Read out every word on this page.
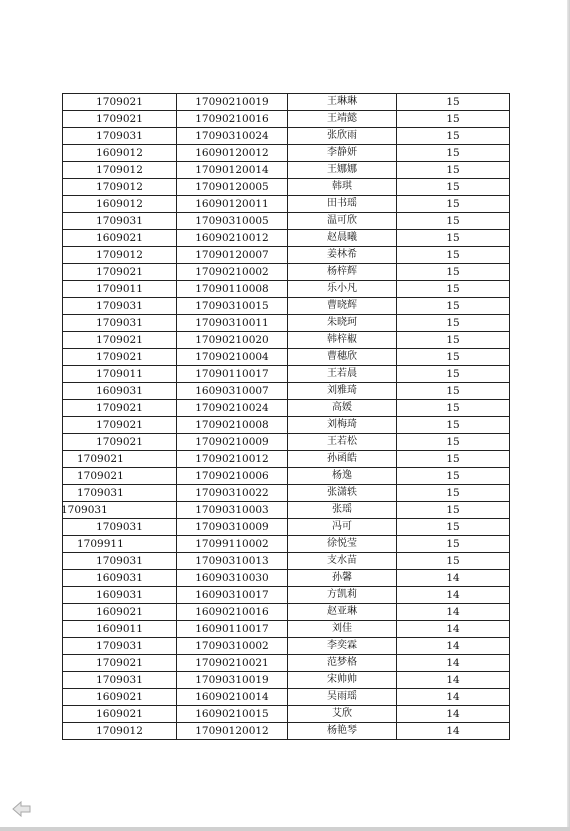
1709021	17090210019	王琳琳	15
1709021	17090210016	王靖懿	15
1709031	17090310024	张欣雨	15
1609012	16090120012	李静妍	15
1709012	17090120014	王娜娜	15
1709012	17090120005	韩琪	15
1609012	16090120011	田书瑶	15
1709031	17090310005	温可欣	15
1609021	16090210012	赵晨曦	15
1709012	17090120007	姜林希	15
1709021	17090210002	杨梓辉	15
1709011	17090110008	乐小凡	15
1709031	17090310015	曹晓辉	15
1709031	17090310011	朱晓珂	15
1709021	17090210020	韩梓椒	15
1709021	17090210004	曹穗欣	15
1709011	17090110017	王若晨	15
1609031	16090310007	刘雅琦	15
1709021	17090210024	高媛	15
1709021	17090210008	刘梅琦	15
1709021	17090210009	王若松	15
1709021	17090210012	孙函皓	15
1709021	17090210006	杨逸	15
1709031	17090310022	张潇轶	15

1709031	17090310003	张瑶	15
1709031	17090310009	冯可	15
1709911	17099110002	徐悦莹	15
1709031	17090310013	支水苗	15
1609031	16090310030	孙馨	14
1609031	16090310017	方凯莉	14
1609021	16090210016	赵亚琳	14
1609011	16090110017	刘佳	14
1709031	17090310002	李奕霖	14
1709021	17090210021	范梦格	14
1709031	17090310019	宋帅帅	14
1609021	16090210014	吴雨瑶	14
1609021	16090210015	艾欣	14
1709012	17090120012	杨艳琴	14
